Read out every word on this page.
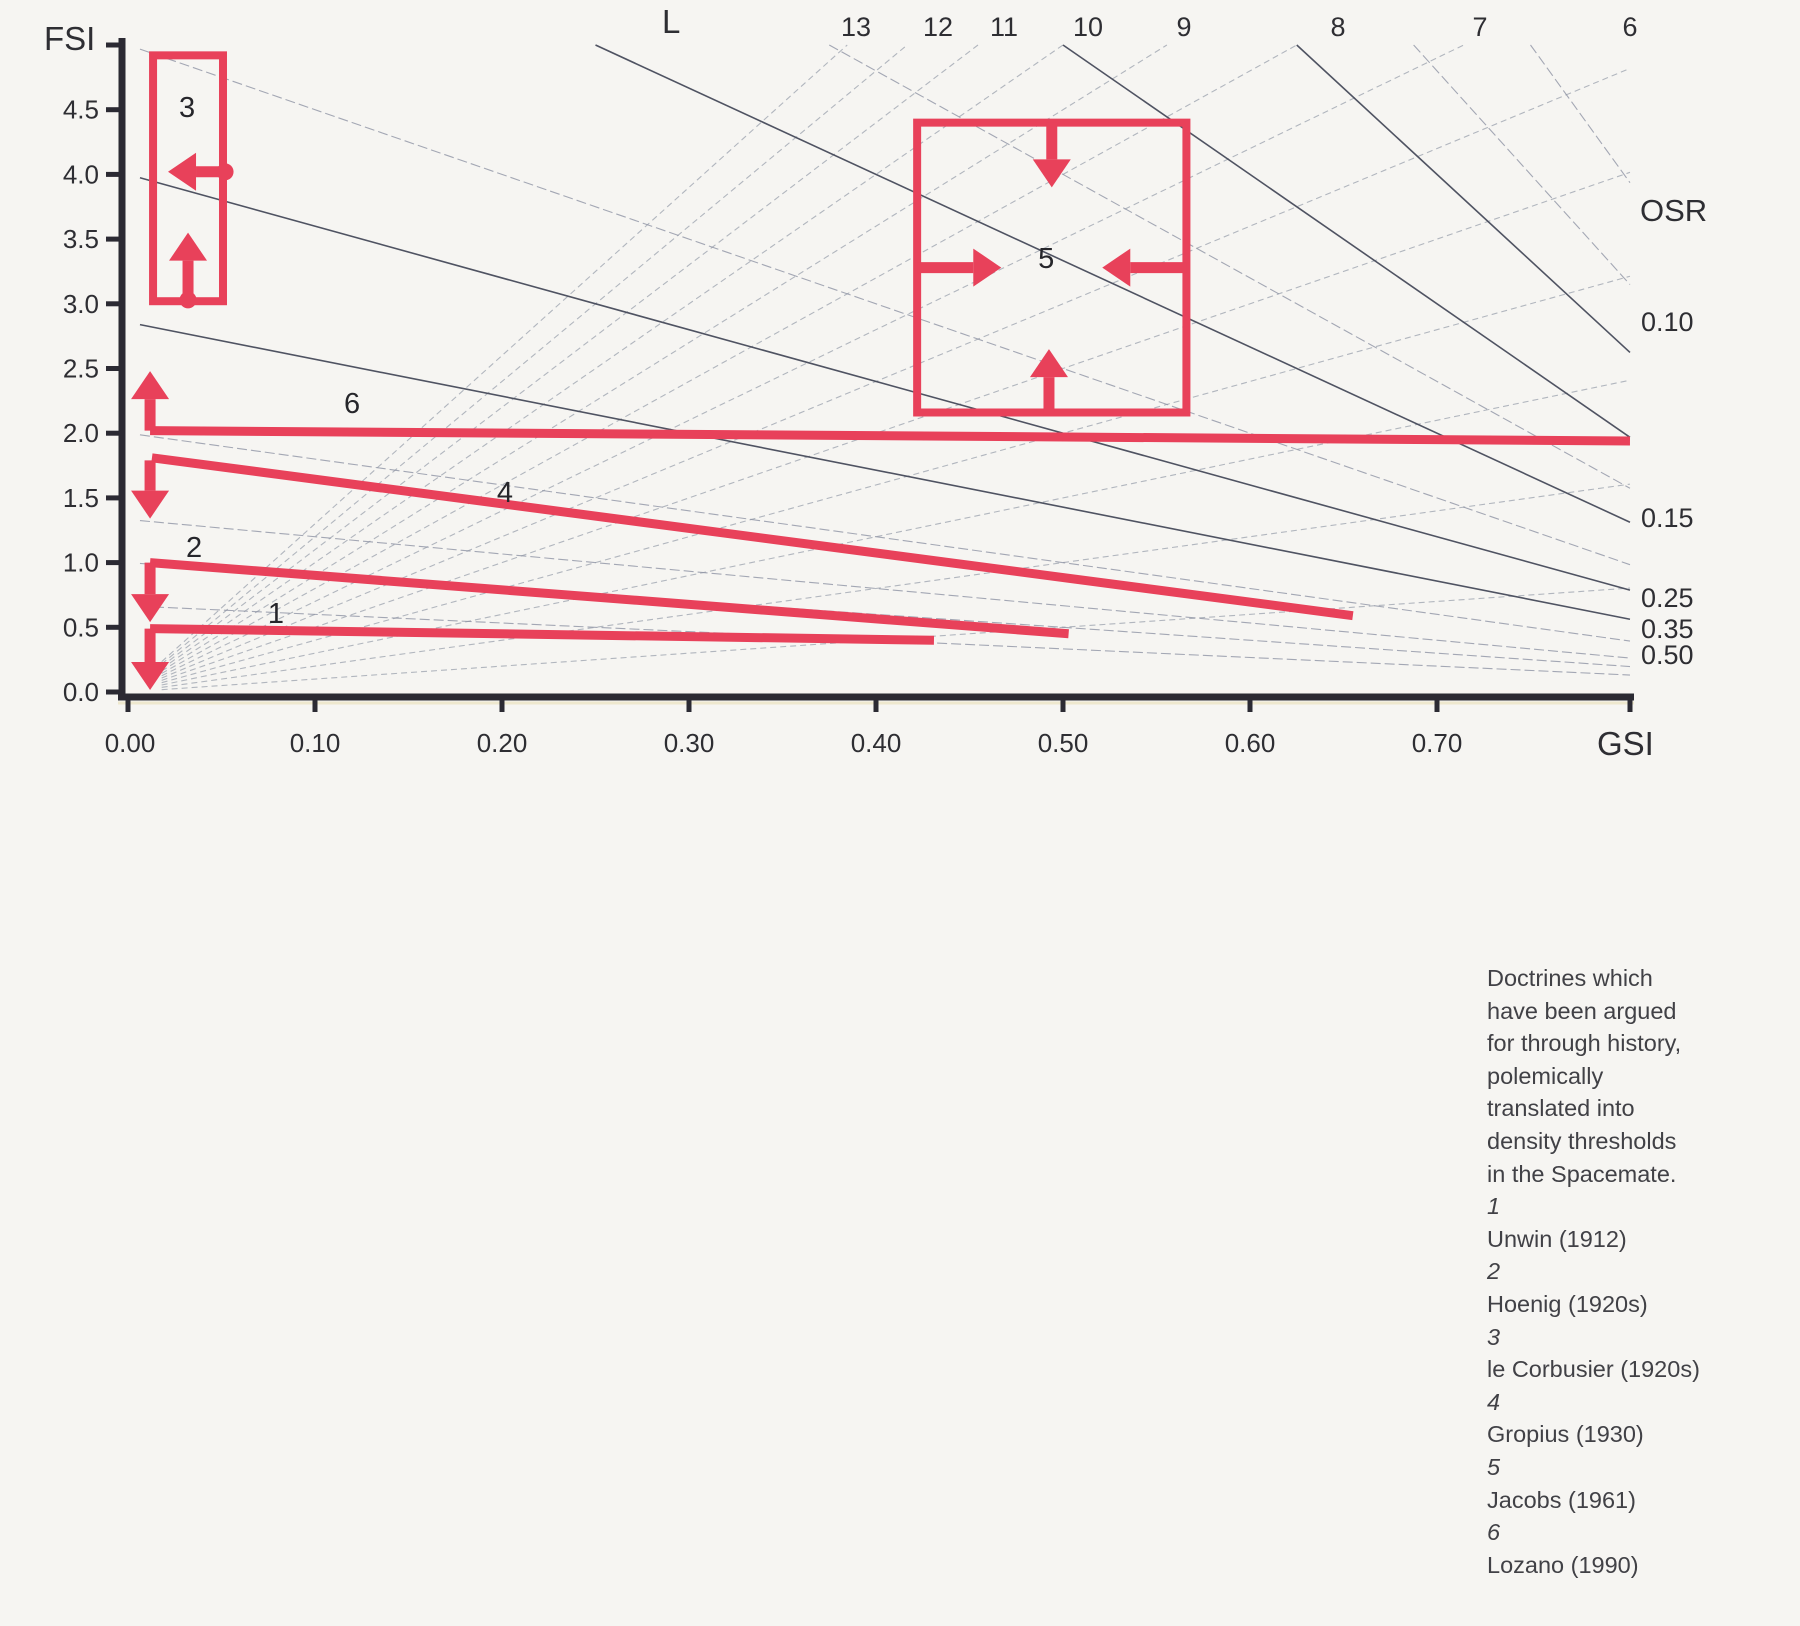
1
2
3
4
5
6
FSI
GSI
L
OSR
0.0
0.5
1.0
1.5
2.0
2.5
3.0
3.5
4.0
4.5
0.00	0.10	0.20	0.30	0.40	0.50	0.60	0.70
13 12 11 10	9	8	7	6
0.10
0.15
0.25
0.35
0.50
Doctrines which
have been argued
for through history,
polemically
translated into
density thresholds
in the Spacemate.
1
Unwin (1912)
2
Hoenig (1920s)
3
le Corbusier (1920s)
4
Gropius (1930)
5
Jacobs (1961)
6
Lozano (1990)
